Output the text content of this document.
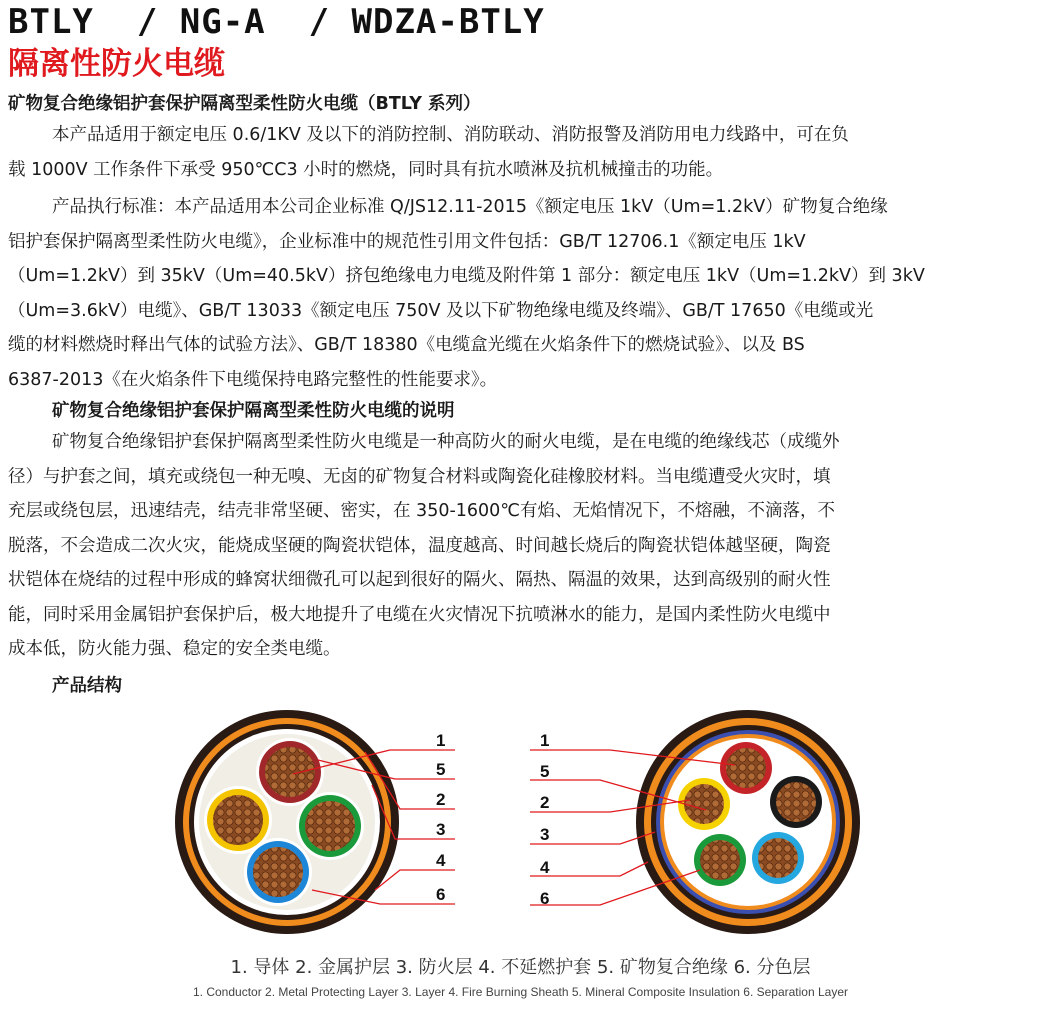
BTLY  / NG-A  / WDZA-BTLY
隔离性防火电缆
矿物复合绝缘铝护套保护隔离型柔性防火电缆（BTLY 系列）
本产品适用于额定电压 0.6/1KV 及以下的消防控制、消防联动、消防报警及消防用电力线路中，可在负
载 1000V 工作条件下承受 950℃C3 小时的燃烧，同时具有抗水喷淋及抗机械撞击的功能。
产品执行标准：本产品适用本公司企业标准 Q/JS12.11-2015《额定电压 1kV（Um=1.2kV）矿物复合绝缘
铝护套保护隔离型柔性防火电缆》，企业标准中的规范性引用文件包括：GB/T 12706.1《额定电压 1kV
（Um=1.2kV）到 35kV（Um=40.5kV）挤包绝缘电力电缆及附件第 1 部分：额定电压 1kV（Um=1.2kV）到 3kV
（Um=3.6kV）电缆》、GB/T 13033《额定电压 750V 及以下矿物绝缘电缆及终端》、GB/T 17650《电缆或光
缆的材料燃烧时释出气体的试验方法》、GB/T 18380《电缆盒光缆在火焰条件下的燃烧试验》、以及 BS
6387-2013《在火焰条件下电缆保持电路完整性的性能要求》。
矿物复合绝缘铝护套保护隔离型柔性防火电缆的说明
矿物复合绝缘铝护套保护隔离型柔性防火电缆是一种高防火的耐火电缆，是在电缆的绝缘线芯（成缆外
径）与护套之间，填充或绕包一种无嗅、无卤的矿物复合材料或陶瓷化硅橡胶材料。当电缆遭受火灾时，填
充层或绕包层，迅速结壳，结壳非常坚硬、密实，在 350-1600℃有焰、无焰情况下，不熔融，不滴落，不
脱落，不会造成二次火灾，能烧成坚硬的陶瓷状铠体，温度越高、时间越长烧后的陶瓷状铠体越坚硬，陶瓷
状铠体在烧结的过程中形成的蜂窝状细微孔可以起到很好的隔火、隔热、隔温的效果，达到高级别的耐火性
能，同时采用金属铝护套保护后，极大地提升了电缆在火灾情况下抗喷淋水的能力，是国内柔性防火电缆中
成本低，防火能力强、稳定的安全类电缆。
产品结构
1
5
2
3
4
6
1
5
2
3
4
6
1. 导体 2. 金属护层 3. 防火层 4. 不延燃护套 5. 矿物复合绝缘 6. 分色层
1. Conductor 2. Metal Protecting Layer 3. Layer 4. Fire Burning Sheath 5. Mineral Composite Insulation 6. Separation Layer
